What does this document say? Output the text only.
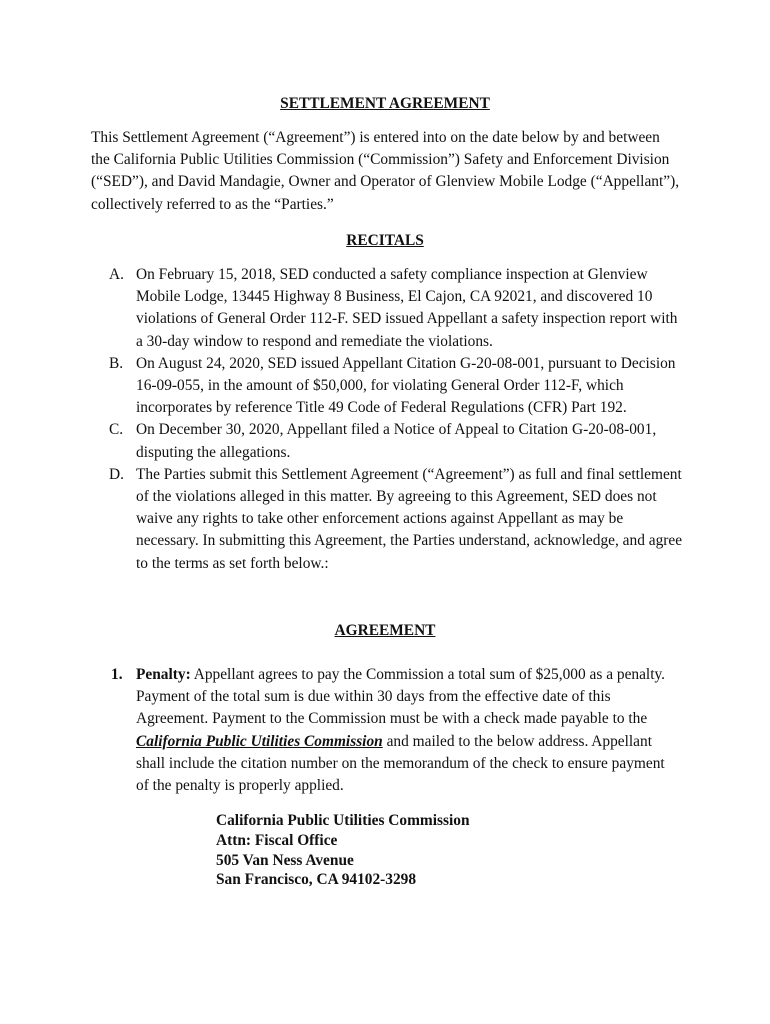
SETTLEMENT AGREEMENT

This Settlement Agreement (“Agreement”) is entered into on the date below by and between the California Public Utilities Commission (“Commission”) Safety and Enforcement Division (“SED”), and David Mandagie, Owner and Operator of Glenview Mobile Lodge (“Appellant”), collectively referred to as the “Parties.”

RECITALS
A. On February 15, 2018, SED conducted a safety compliance inspection at Glenview Mobile Lodge, 13445 Highway 8 Business, El Cajon, CA 92021, and discovered 10 violations of General Order 112-F. SED issued Appellant a safety inspection report with a 30-day window to respond and remediate the violations.
B. On August 24, 2020, SED issued Appellant Citation G-20-08-001, pursuant to Decision 16-09-055, in the amount of $50,000, for violating General Order 112-F, which incorporates by reference Title 49 Code of Federal Regulations (CFR) Part 192.
C. On December 30, 2020, Appellant filed a Notice of Appeal to Citation G-20-08-001, disputing the allegations.
D. The Parties submit this Settlement Agreement (“Agreement”) as full and final settlement of the violations alleged in this matter. By agreeing to this Agreement, SED does not waive any rights to take other enforcement actions against Appellant as may be necessary. In submitting this Agreement, the Parties understand, acknowledge, and agree to the terms as set forth below.:
AGREEMENT
1. Penalty: Appellant agrees to pay the Commission a total sum of $25,000 as a penalty. Payment of the total sum is due within 30 days from the effective date of this Agreement. Payment to the Commission must be with a check made payable to the California Public Utilities Commission and mailed to the below address. Appellant shall include the citation number on the memorandum of the check to ensure payment of the penalty is properly applied.
California Public Utilities Commission
Attn: Fiscal Office
505 Van Ness Avenue
San Francisco, CA 94102-3298
